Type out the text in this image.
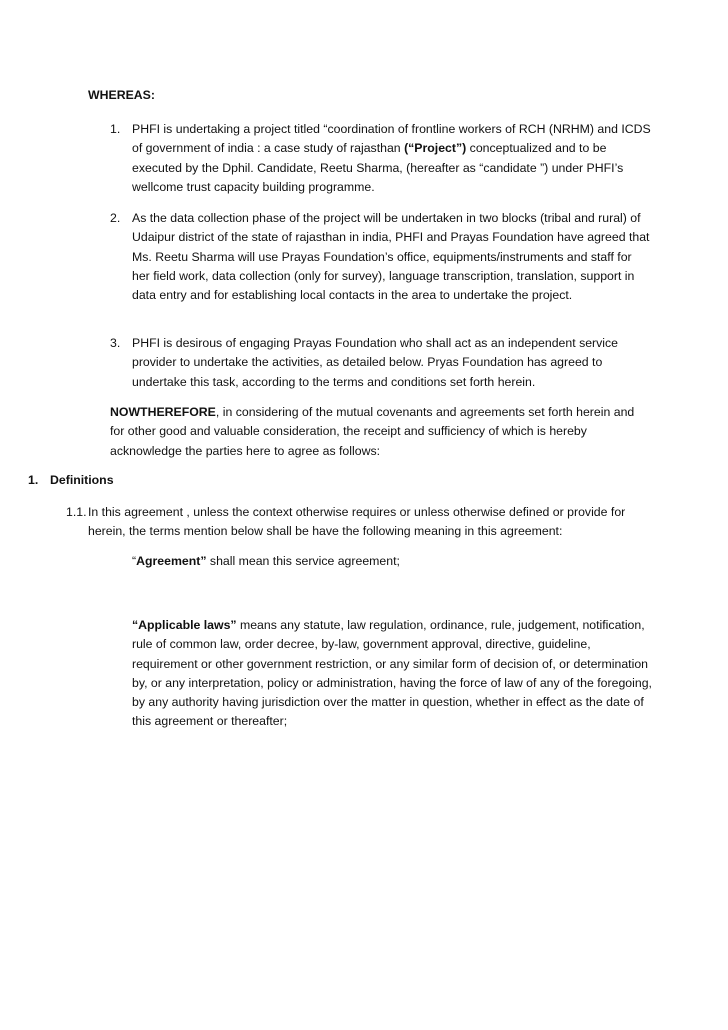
WHEREAS:
1. PHFI is undertaking a project titled “coordination of frontline workers of RCH (NRHM) and ICDS of government of india : a case study of rajasthan (“Project”) conceptualized and to be executed by the Dphil. Candidate, Reetu Sharma, (hereafter as “candidate ”) under PHFI’s wellcome trust capacity building programme.
2. As the data collection phase of the project will be undertaken in two blocks (tribal and rural) of Udaipur district of the state of rajasthan in india, PHFI and Prayas Foundation have agreed that Ms. Reetu Sharma will use Prayas Foundation’s office, equipments/instruments and staff for her field work, data collection (only for survey), language transcription, translation, support in data entry and for establishing local contacts in the area to undertake the project.
3. PHFI is desirous of engaging Prayas Foundation who shall act as an independent service provider to undertake the activities, as detailed below. Pryas Foundation has agreed to undertake this task, according to the terms and conditions set forth herein.
NOWTHEREFORE, in considering of the mutual covenants and agreements set forth herein and for other good and valuable consideration, the receipt and sufficiency of which is hereby acknowledge the parties here to agree as follows:
1. Definitions
1.1. In this agreement , unless the context otherwise requires or unless otherwise defined or provide for herein, the terms mention below shall be have the following meaning in this agreement:
“Agreement” shall mean this service agreement;
“Applicable laws” means any statute, law regulation, ordinance, rule, judgement, notification, rule of common law, order decree, by-law, government approval, directive, guideline, requirement or other government restriction, or any similar form of decision of, or determination by, or any interpretation, policy or administration, having the force of law of any of the foregoing, by any authority having jurisdiction over the matter in question, whether in effect as the date of this agreement or thereafter;
